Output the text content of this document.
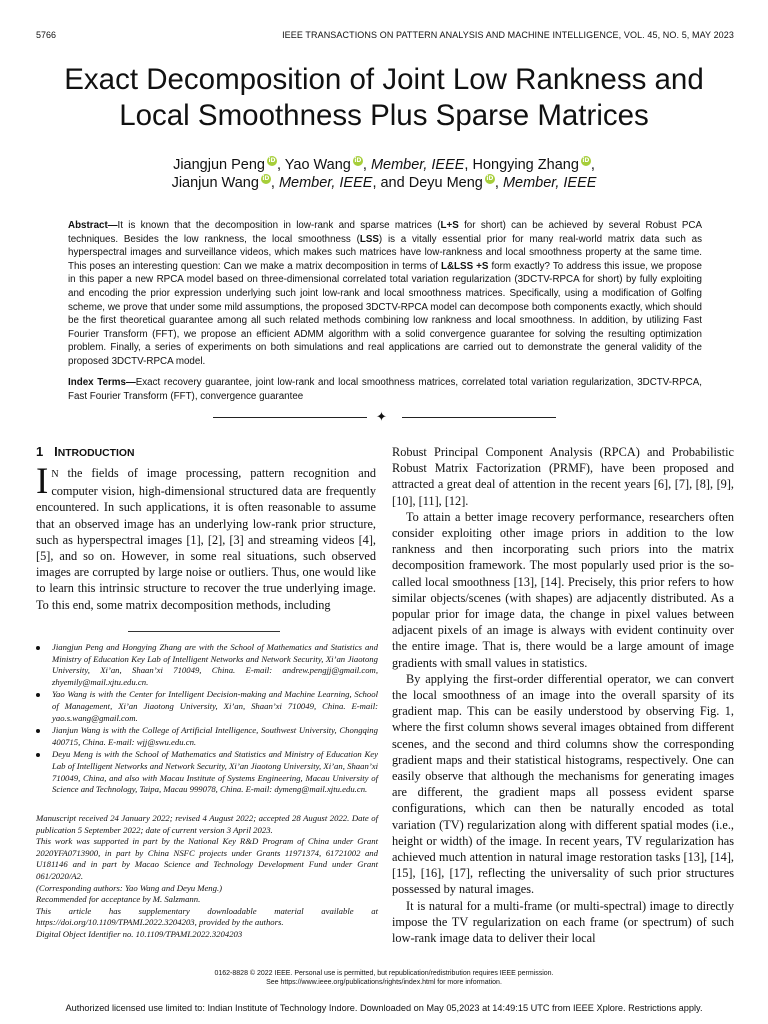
5766	IEEE TRANSACTIONS ON PATTERN ANALYSIS AND MACHINE INTELLIGENCE, VOL. 45, NO. 5, MAY 2023
Exact Decomposition of Joint Low Rankness and
Local Smoothness Plus Sparse Matrices
Jiangjun Peng iD, Yao Wang iD, Member, IEEE, Hongying Zhang iD,
Jianjun Wang iD, Member, IEEE, and Deyu Meng iD, Member, IEEE
Abstract—It is known that the decomposition in low-rank and sparse matrices (L+S for short) can be achieved by several Robust PCA techniques. Besides the low rankness, the local smoothness (LSS) is a vitally essential prior for many real-world matrix data such as hyperspectral images and surveillance videos, which makes such matrices have low-rankness and local smoothness property at the same time. This poses an interesting question: Can we make a matrix decomposition in terms of L&LSS +S form exactly? To address this issue, we propose in this paper a new RPCA model based on three-dimensional correlated total variation regularization (3DCTV-RPCA for short) by fully exploiting and encoding the prior expression underlying such joint low-rank and local smoothness matrices. Specifically, using a modification of Golfing scheme, we prove that under some mild assumptions, the proposed 3DCTV-RPCA model can decompose both components exactly, which should be the first theoretical guarantee among all such related methods combining low rankness and local smoothness. In addition, by utilizing Fast Fourier Transform (FFT), we propose an efficient ADMM algorithm with a solid convergence guarantee for solving the resulting optimization problem. Finally, a series of experiments on both simulations and real applications are carried out to demonstrate the general validity of the proposed 3DCTV-RPCA model.
Index Terms—Exact recovery guarantee, joint low-rank and local smoothness matrices, correlated total variation regularization, 3DCTV-RPCA, Fast Fourier Transform (FFT), convergence guarantee
✦
1 INTRODUCTION
I N the fields of image processing, pattern recognition and computer vision, high-dimensional structured data are frequently encountered. In such applications, it is often reasonable to assume that an observed image has an underlying low-rank prior structure, such as hyperspectral images [1], [2], [3] and streaming videos [4], [5], and so on. However, in some real situations, such observed images are corrupted by large noise or outliers. Thus, one would like to learn this intrinsic structure to recover the true underlying image. To this end, some matrix decomposition methods, including
Jiangjun Peng and Hongying Zhang are with the School of Mathematics and Statistics and Ministry of Education Key Lab of Intelligent Networks and Network Security, Xi’an Jiaotong University, Xi’an, Shaan’xi 710049, China. E-mail: andrew.pengjj@gmail.com, zhyemily@mail.xjtu.edu.cn.
Yao Wang is with the Center for Intelligent Decision-making and Machine Learning, School of Management, Xi’an Jiaotong University, Xi’an, Shaan’xi 710049, China. E-mail: yao.s.wang@gmail.com.
Jianjun Wang is with the College of Artificial Intelligence, Southwest University, Chongqing 400715, China. E-mail: wjj@swu.edu.cn.
Deyu Meng is with the School of Mathematics and Statistics and Ministry of Education Key Lab of Intelligent Networks and Network Security, Xi’an Jiaotong University, Xi’an, Shaan’xi 710049, China, and also with Macau Institute of Systems Engineering, Macau University of Science and Technology, Taipa, Macau 999078, China. E-mail: dymeng@mail.xjtu.edu.cn.

Manuscript received 24 January 2022; revised 4 August 2022; accepted 28 August 2022. Date of publication 5 September 2022; date of current version 3 April 2023.

This work was supported in part by the National Key R&D Program of China under Grant 2020YFA0713900, in part by China NSFC projects under Grants 11971374, 61721002 and U181146 and in part by Macao Science and Technology Development Fund under Grant 061/2020/A2.

(Corresponding authors: Yao Wang and Deyu Meng.)

Recommended for acceptance by M. Salzmann.

This article has supplementary downloadable material available at https://doi.org/10.1109/TPAMI.2022.3204203, provided by the authors.

Digital Object Identifier no. 10.1109/TPAMI.2022.3204203

Robust Principal Component Analysis (RPCA) and Probabilistic Robust Matrix Factorization (PRMF), have been proposed and attracted a great deal of attention in the recent years [6], [7], [8], [9], [10], [11], [12].

To attain a better image recovery performance, researchers often consider exploiting other image priors in addition to the low rankness and then incorporating such priors into the matrix decomposition framework. The most popularly used prior is the so-called local smoothness [13], [14]. Precisely, this prior refers to how similar objects/scenes (with shapes) are adjacently distributed. As a popular prior for image data, the change in pixel values between adjacent pixels of an image is always with evident continuity over the entire image. That is, there would be a large amount of image gradients with small values in statistics.

By applying the first-order differential operator, we can convert the local smoothness of an image into the overall sparsity of its gradient map. This can be easily understood by observing Fig. 1, where the first column shows several images obtained from different scenes, and the second and third columns show the corresponding gradient maps and their statistical histograms, respectively. One can easily observe that although the mechanisms for generating images are different, the gradient maps all possess evident sparse configurations, which can then be naturally encoded as total variation (TV) regularization along with different spatial modes (i.e., height or width) of the image. In recent years, TV regularization has achieved much attention in natural image restoration tasks [13], [14], [15], [16], [17], reflecting the universality of such prior structures possessed by natural images.

It is natural for a multi-frame (or multi-spectral) image to directly impose the TV regularization on each frame (or spectrum) of such low-rank image data to deliver their local

0162-8828 © 2022 IEEE. Personal use is permitted, but republication/redistribution requires IEEE permission.
See https://www.ieee.org/publications/rights/index.html for more information.
Authorized licensed use limited to: Indian Institute of Technology Indore. Downloaded on May 05,2023 at 14:49:15 UTC from IEEE Xplore. Restrictions apply.
